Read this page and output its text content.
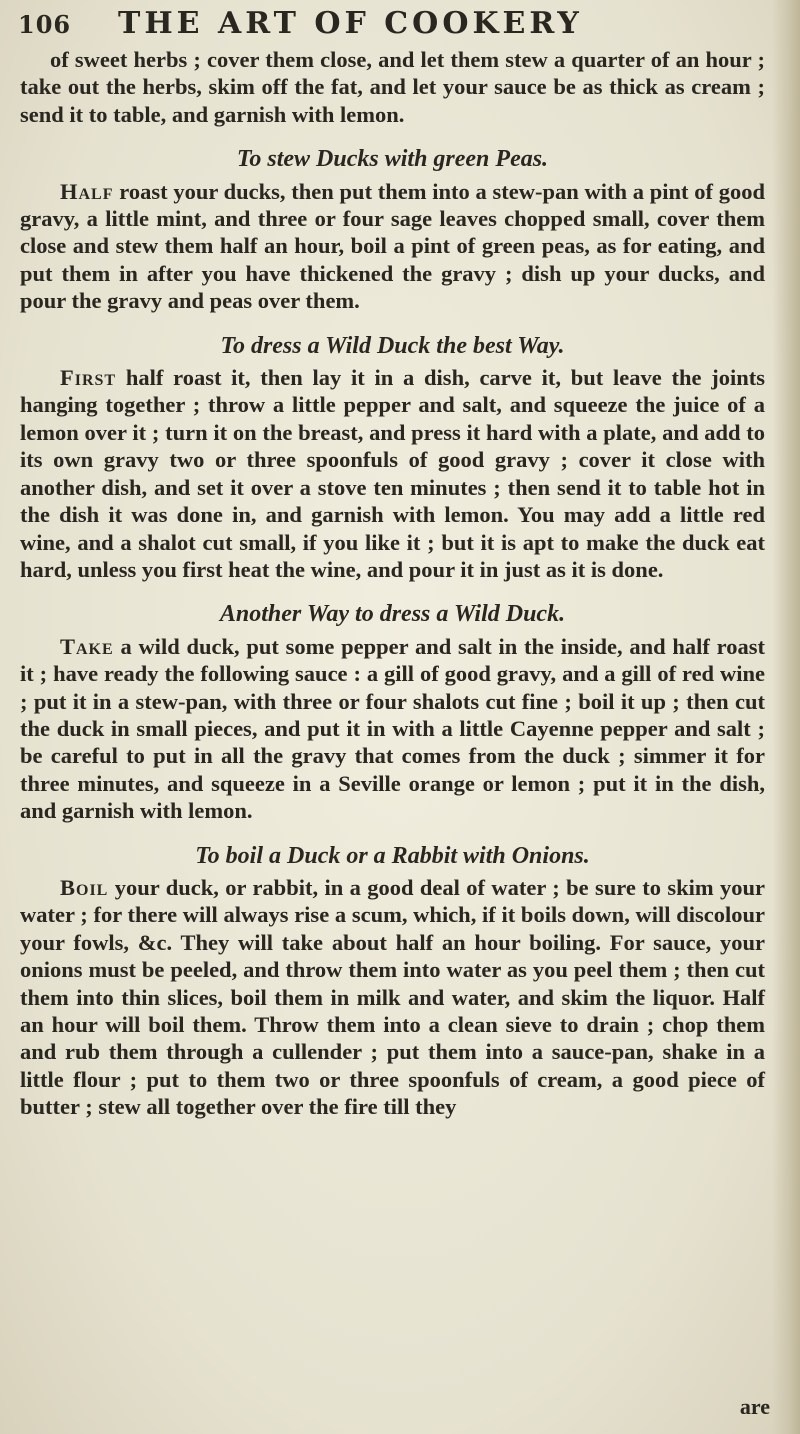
106	THE ART OF COOKERY

of sweet herbs ; cover them close, and let them stew a quarter of an hour ; take out the herbs, skim off the fat, and let your sauce be as thick as cream ; send it to table, and garnish with lemon.

To stew Ducks with green Peas.

Half roast your ducks, then put them into a stew-pan with a pint of good gravy, a little mint, and three or four sage leaves chopped small, cover them close and stew them half an hour, boil a pint of green peas, as for eating, and put them in after you have thickened the gravy ; dish up your ducks, and pour the gravy and peas over them.

To dress a Wild Duck the best Way.

First half roast it, then lay it in a dish, carve it, but leave the joints hanging together ; throw a little pepper and salt, and squeeze the juice of a lemon over it ; turn it on the breast, and press it hard with a plate, and add to its own gravy two or three spoonfuls of good gravy ; cover it close with another dish, and set it over a stove ten minutes ; then send it to table hot in the dish it was done in, and garnish with lemon. You may add a little red wine, and a shalot cut small, if you like it ; but it is apt to make the duck eat hard, unless you first heat the wine, and pour it in just as it is done.

Another Way to dress a Wild Duck.

Take a wild duck, put some pepper and salt in the inside, and half roast it ; have ready the following sauce : a gill of good gravy, and a gill of red wine ; put it in a stew-pan, with three or four shalots cut fine ; boil it up ; then cut the duck in small pieces, and put it in with a little Cayenne pepper and salt ; be careful to put in all the gravy that comes from the duck ; simmer it for three minutes, and squeeze in a Seville orange or lemon ; put it in the dish, and garnish with lemon.

To boil a Duck or a Rabbit with Onions.

Boil your duck, or rabbit, in a good deal of water ; be sure to skim your water ; for there will always rise a scum, which, if it boils down, will discolour your fowls, &c. They will take about half an hour boiling. For sauce, your onions must be peeled, and throw them into water as you peel them ; then cut them into thin slices, boil them in milk and water, and skim the liquor. Half an hour will boil them. Throw them into a clean sieve to drain ; chop them and rub them through a cullender ; put them into a sauce-pan, shake in a little flour ; put to them two or three spoonfuls of cream, a good piece of butter ; stew all together over the fire till they

are
